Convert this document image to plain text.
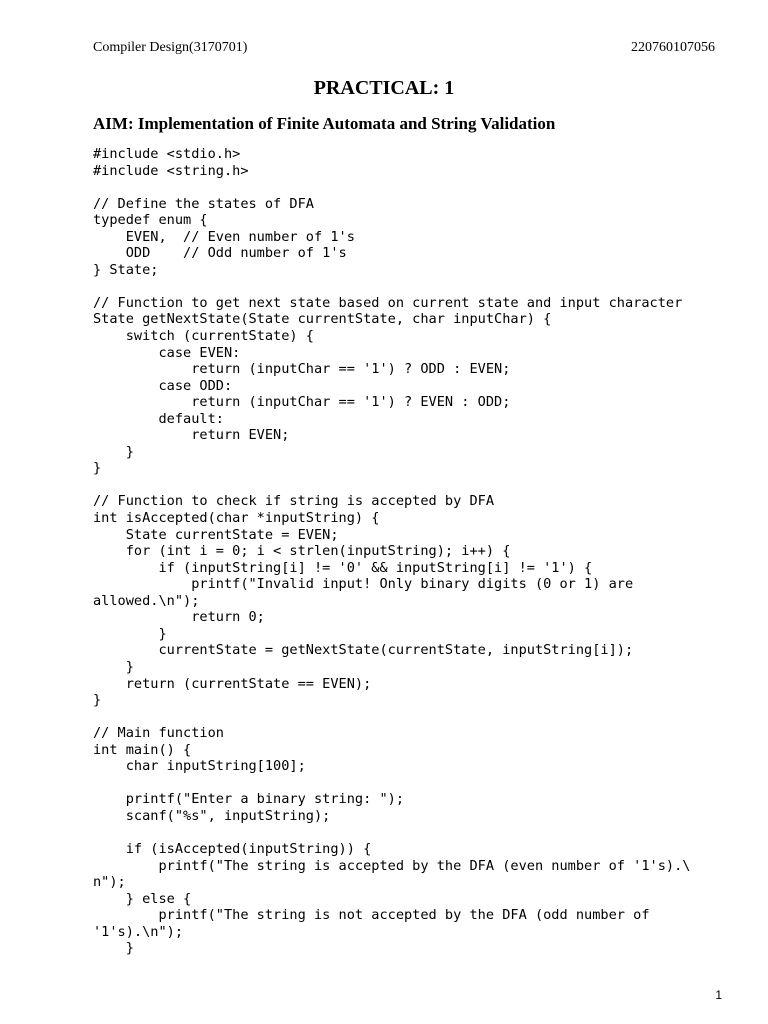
Compiler Design(3170701)	220760107056
PRACTICAL: 1
AIM: Implementation of Finite Automata and String Validation
#include <stdio.h>
#include <string.h>
// Define the states of DFA
typedef enum {
EVEN,  // Even number of 1's
ODD    // Odd number of 1's
} State;
// Function to get next state based on current state and input character
State getNextState(State currentState, char inputChar) {
switch (currentState) {
case EVEN:
return (inputChar == '1') ? ODD : EVEN;
case ODD:
return (inputChar == '1') ? EVEN : ODD;
default:
return EVEN;
}
}
// Function to check if string is accepted by DFA
int isAccepted(char *inputString) {
State currentState = EVEN;
for (int i = 0; i < strlen(inputString); i++) {
if (inputString[i] != '0' && inputString[i] != '1') {
printf("Invalid input! Only binary digits (0 or 1) are
allowed.\n");
return 0;
}
currentState = getNextState(currentState, inputString[i]);
}
return (currentState == EVEN);
}
// Main function
int main() {
char inputString[100];
printf("Enter a binary string: ");
scanf("%s", inputString);
if (isAccepted(inputString)) {
printf("The string is accepted by the DFA (even number of '1's).\
n");
} else {
printf("The string is not accepted by the DFA (odd number of
'1's).\n");
}
1
